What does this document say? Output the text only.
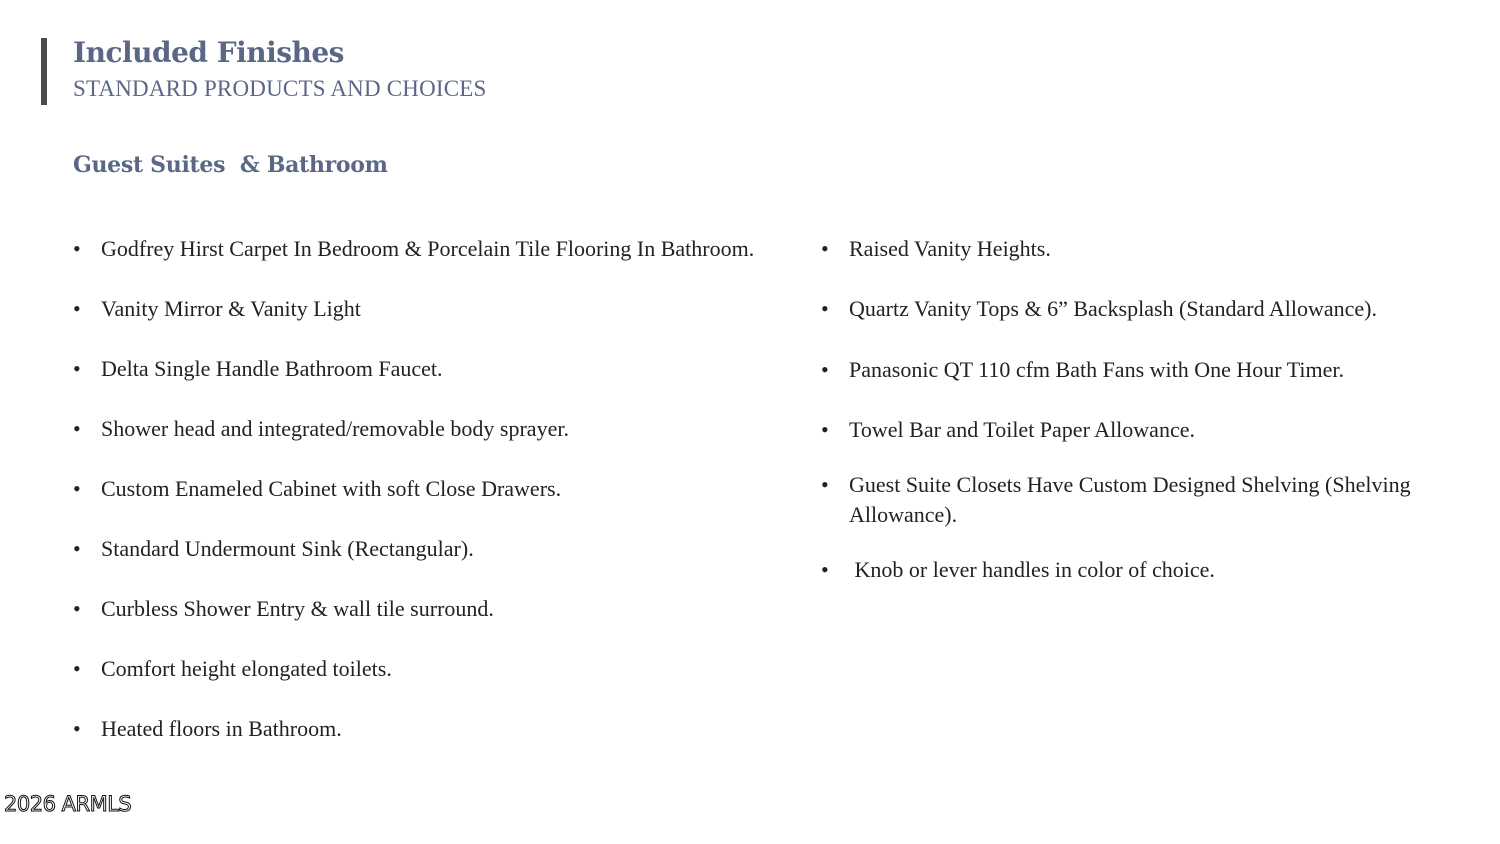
Included Finishes
STANDARD PRODUCTS AND CHOICES
Guest Suites  & Bathroom
• Godfrey Hirst Carpet In Bedroom & Porcelain Tile Flooring In Bathroom.
• Vanity Mirror & Vanity Light
• Delta Single Handle Bathroom Faucet.
• Shower head and integrated/removable body sprayer.
• Custom Enameled Cabinet with soft Close Drawers.
• Standard Undermount Sink (Rectangular).
• Curbless Shower Entry & wall tile surround.
• Comfort height elongated toilets.
• Heated floors in Bathroom.
• Raised Vanity Heights.
• Quartz Vanity Tops & 6” Backsplash (Standard Allowance).
• Panasonic QT 110 cfm Bath Fans with One Hour Timer.
• Towel Bar and Toilet Paper Allowance.
• Guest Suite Closets Have Custom Designed Shelving (Shelving Allowance).
• Knob or lever handles in color of choice.
2026 ARMLS
